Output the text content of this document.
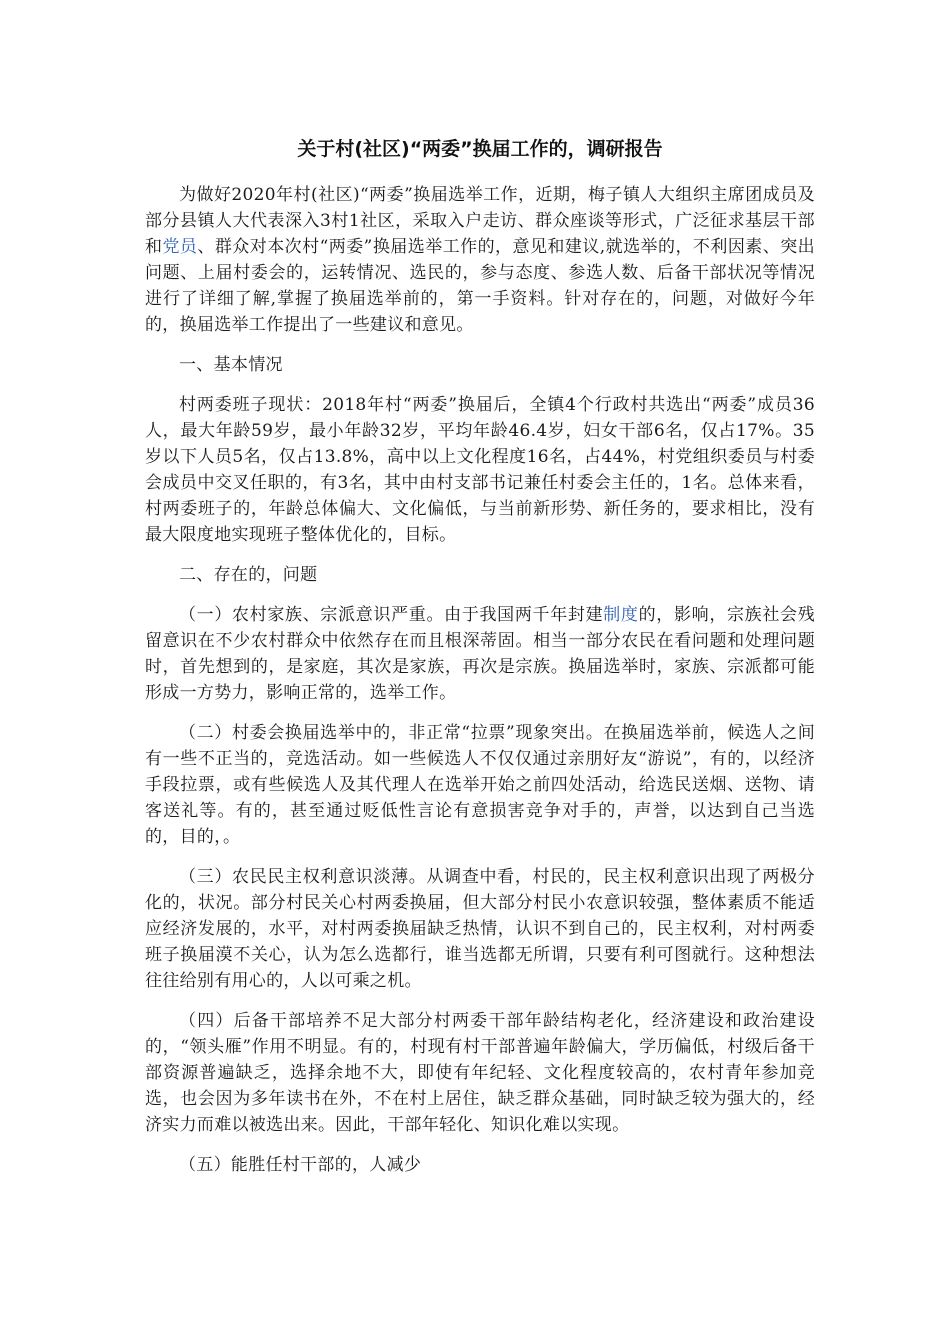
关于村(社区)“两委”换届工作的，调研报告

为做好2020年村(社区)“两委”换届选举工作，近期，梅子镇人大组织主席团成员及部分县镇人大代表深入3村1社区，采取入户走访、群众座谈等形式，广泛征求基层干部和党员、群众对本次村“两委”换届选举工作的，意见和建议,就选举的，不利因素、突出问题、上届村委会的，运转情况、选民的，参与态度、参选人数、后备干部状况等情况进行了详细了解,掌握了换届选举前的，第一手资料。针对存在的，问题，对做好今年的，换届选举工作提出了一些建议和意见。

一、基本情况

村两委班子现状：2018年村“两委”换届后，全镇4个行政村共选出“两委”成员36人，最大年龄59岁，最小年龄32岁，平均年龄46.4岁，妇女干部6名，仅占17%。35岁以下人员5名，仅占13.8%，高中以上文化程度16名，占44%，村党组织委员与村委会成员中交叉任职的，有3名，其中由村支部书记兼任村委会主任的，1名。总体来看，村两委班子的，年龄总体偏大、文化偏低，与当前新形势、新任务的，要求相比，没有最大限度地实现班子整体优化的，目标。

二、存在的，问题

（一）农村家族、宗派意识严重。由于我国两千年封建制度的，影响，宗族社会残留意识在不少农村群众中依然存在而且根深蒂固。相当一部分农民在看问题和处理问题时，首先想到的，是家庭，其次是家族，再次是宗族。换届选举时，家族、宗派都可能形成一方势力，影响正常的，选举工作。

（二）村委会换届选举中的，非正常“拉票”现象突出。在换届选举前，候选人之间有一些不正当的，竞选活动。如一些候选人不仅仅通过亲朋好友“游说”，有的，以经济手段拉票，或有些候选人及其代理人在选举开始之前四处活动，给选民送烟、送物、请客送礼等。有的，甚至通过贬低性言论有意损害竞争对手的，声誉，以达到自己当选的，目的，。

（三）农民民主权利意识淡薄。从调查中看，村民的，民主权利意识出现了两极分化的，状况。部分村民关心村两委换届，但大部分村民小农意识较强，整体素质不能适应经济发展的，水平，对村两委换届缺乏热情，认识不到自己的，民主权利，对村两委班子换届漠不关心，认为怎么选都行，谁当选都无所谓，只要有利可图就行。这种想法往往给别有用心的，人以可乘之机。

（四）后备干部培养不足大部分村两委干部年龄结构老化，经济建设和政治建设的，“领头雁”作用不明显。有的，村现有村干部普遍年龄偏大，学历偏低，村级后备干部资源普遍缺乏，选择余地不大，即使有年纪轻、文化程度较高的，农村青年参加竞选，也会因为多年读书在外，不在村上居住，缺乏群众基础，同时缺乏较为强大的，经济实力而难以被选出来。因此，干部年轻化、知识化难以实现。

（五）能胜任村干部的，人减少
